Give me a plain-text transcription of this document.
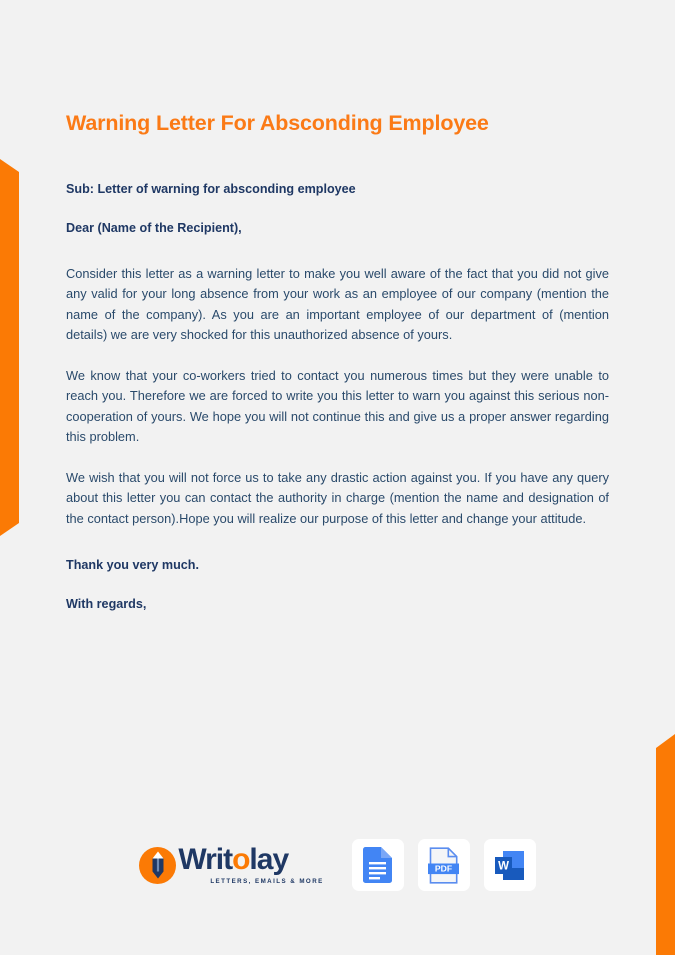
Warning Letter For Absconding Employee
Sub: Letter of warning for absconding employee
Dear (Name of the Recipient),

Consider this letter as a warning letter to make you well aware of the fact that you did not give any valid for your long absence from your work as an employee of our company (mention the name of the company). As you are an important employee of our department of (mention details) we are very shocked for this unauthorized absence of yours.

We know that your co-workers tried to contact you numerous times but they were unable to reach you. Therefore we are forced to write you this letter to warn you against this serious non-cooperation of yours. We hope you will not continue this and give us a proper answer regarding this problem.

We wish that you will not force us to take any drastic action against you. If you have any query about this letter you can contact the authority in charge (mention the name and designation of the contact person).Hope you will realize our purpose of this letter and change your attitude.

Thank you very much.
With regards,
Writolay
LETTERS, EMAILS & MORE
PDF	W
